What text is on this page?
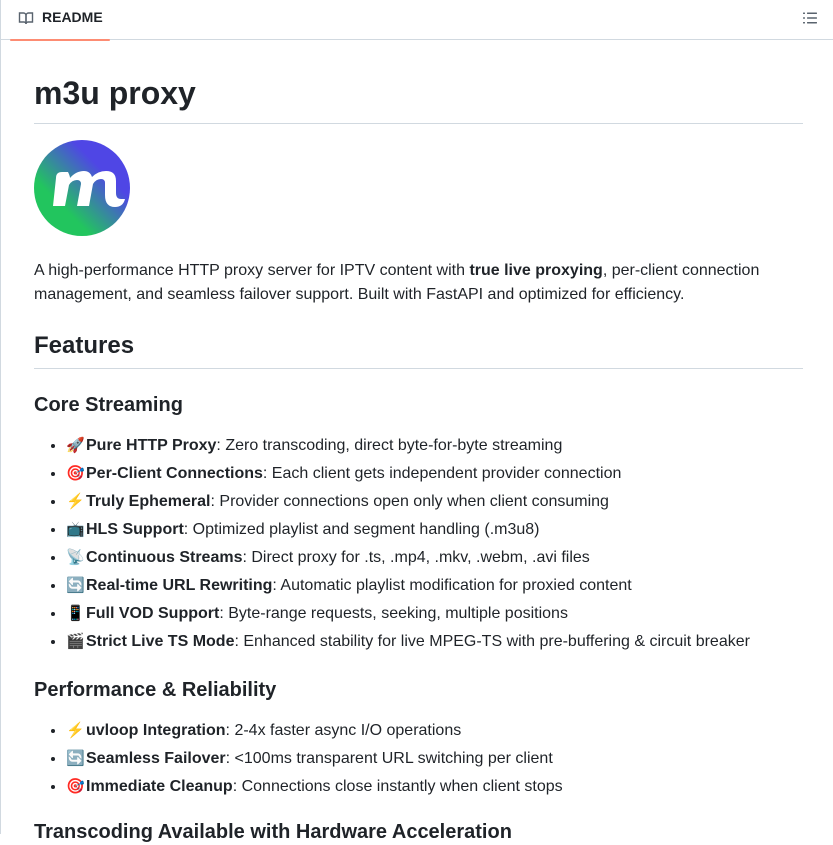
README
m3u proxy

A high-performance HTTP proxy server for IPTV content with true live proxying, per-client connection management, and seamless failover support. Built with FastAPI and optimized for efficiency.

Features
Core Streaming
• 🚀Pure HTTP Proxy: Zero transcoding, direct byte-for-byte streaming
• 🎯Per-Client Connections: Each client gets independent provider connection
• ⚡Truly Ephemeral: Provider connections open only when client consuming
• 📺HLS Support: Optimized playlist and segment handling (.m3u8)
• 📡Continuous Streams: Direct proxy for .ts, .mp4, .mkv, .webm, .avi files
• 🔄Real-time URL Rewriting: Automatic playlist modification for proxied content
• 📱Full VOD Support: Byte-range requests, seeking, multiple positions
• 🎬Strict Live TS Mode: Enhanced stability for live MPEG-TS with pre-buffering & circuit breaker
Performance & Reliability
• ⚡uvloop Integration: 2-4x faster async I/O operations
• 🔄Seamless Failover: <100ms transparent URL switching per client
• 🎯Immediate Cleanup: Connections close instantly when client stops
Transcoding Available with Hardware Acceleration
